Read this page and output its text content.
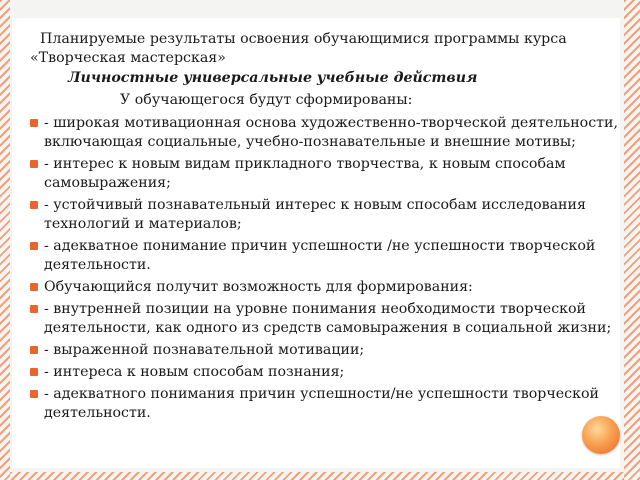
Планируемые результаты освоения обучающимися программы курса
«Творческая мастерская»
Личностные универсальные учебные действия
У обучающегося будут сформированы:
- широкая мотивационная основа художественно-творческой деятельности, включающая социальные, учебно-познавательные и внешние мотивы;
- интерес к новым видам прикладного творчества, к новым способам самовыражения;
- устойчивый познавательный интерес к новым способам исследования технологий и материалов;
- адекватное понимание причин успешности /не успешности творческой деятельности.
Обучающийся получит возможность для формирования:
- внутренней позиции на уровне понимания необходимости творческой деятельности, как одного из средств самовыражения в социальной жизни;
- выраженной познавательной мотивации;
- интереса к новым способам познания;
- адекватного понимания причин успешности/не успешности творческой деятельности.
